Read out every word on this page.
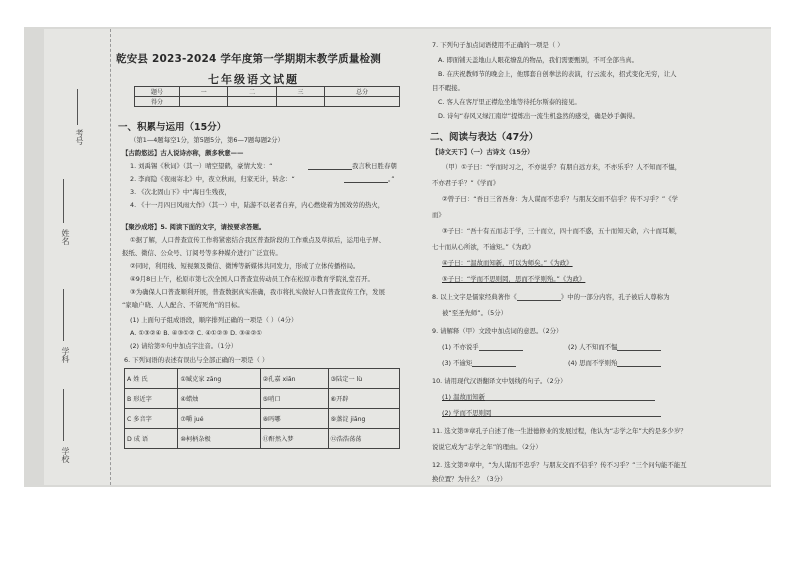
考号
姓名
学科
学校
乾安县 2023-2024 学年度第一学期期末教学质量检测
七年级语文试题
题号	一	二	三	总分
得分				
一、积累与运用（15分）
（第1—4题每空1分，第5题5分，第6—7题每题2分）
【古韵悠远】古人说诗亦称，颇多秋意——
1. 刘禹锡《秋词》（其一）晴空望鹤，豪情大发：“	我言秋日胜春朝
2. 李商隐《夜雨寄北》中，夜立秋雨，归家无计，转念：“	。”
3. 《次北固山下》中“海日生残夜，
4. 《十一月四日风雨大作》（其一）中，陆游不以老者自弃，内心燃烧着为国效劳的热火，
【聚沙成塔】5. 阅读下面的文字，请按要求答题。
①据了解，人口普查宣传工作将紧密结合我区普查阶段的工作重点及草拟后，运用电子屏、
报纸、微信、公众号、订阅号等多种媒介进行广泛宣传。
②同时，利用线、短视频及微信、微博等新媒体共同发力，形成了立体传播格局。
④9月8日上午，松原市第七次全国人口普查宣传动员工作在松原市教育学院礼堂召开。
③为确保人口普查顺利开展，普查数据真实准确，我市将扎实做好人口普查宣传工作，发展
“家喻户晓、人人配合、不留死角”的目标。
(1) 上面句子组成语段，顺序排列正确的一项是（ ）（4分）
A. ①③②④ B. ④③①② C. ④①②③ D. ③④②①
(2) 请给第①句中加点字注音。（1分）
6. 下列词语的表述有误出与全部正确的一项是（ ）
A 姓 氏	①臧克家 zāng	②孔嘉 xiān	③陆定一 lù
B 形近字	④蜡烛	⑤哨口	⑥开辟
C 多音字	⑦嚼 jué	⑧吗哪	⑨蒸淀 jiāng
D 成 语	⑩柯柄杂极	⑪酐然入梦	⑫浩浩荡荡
7. 下列句子加点词语使用不正确的一项是（ ）
A. 即面铺天盖地山人眼花缭乱的物品，我们需要甄别，不可全部当真。
B. 在庆祝教师节的晚会上，他那套自创拳法的表演，行云流水，招式变化无穷，让人
目不暇接。
C. 客人在客厅里正襟危坐地等待托尔斯泰的接见。
D. 诗句“春风又绿江南岸”提炼出一流生机盎然的感受，确是妙手偶得。
二、阅读与表达（47分）
【诗文天下】（一）古诗文（15分）
（甲）①子曰：“学而时习之，不亦说乎？有朋自远方来，不亦乐乎？人不知而不愠，
不亦君子乎？”《学而》
②曾子曰：“吾日三省吾身：为人谋而不忠乎？与朋友交而不信乎？传不习乎？”《学
而》
③子曰：“吾十有五而志于学，三十而立，四十而不惑，五十而知天命，六十而耳顺，
七十而从心所欲，不逾矩。”《为政》
④子曰：“温故而知新，可以为师矣。”《为政》
⑤子曰：“学而不思则罔，思而不学则殆。”《为政》
8. 以上文字是儒家经典著作《	》中的一部分内容，孔子被后人尊称为
被“至圣先师”。（5分）
9. 请解释（甲）文段中加点词的意思。（2分）
(1) 不亦说乎	(2) 人不知而不愠
(3) 不逾矩	(4) 思而不学则殆
10. 请用现代汉语翻译文中划线的句子。（2分）
(1) 温故而知新
(2) 学而不思则罔
11. 选文第③章孔子自述了他一生进德修业的发展过程，他认为“志学之年”大约是多少岁？
说说它成为“志学之年”的理由。（2分）
12. 选文第②章中，“为人谋而不忠乎？与朋友交而不信乎？传不习乎？”三个问句能不能互
换位置？为什么？（3分）
